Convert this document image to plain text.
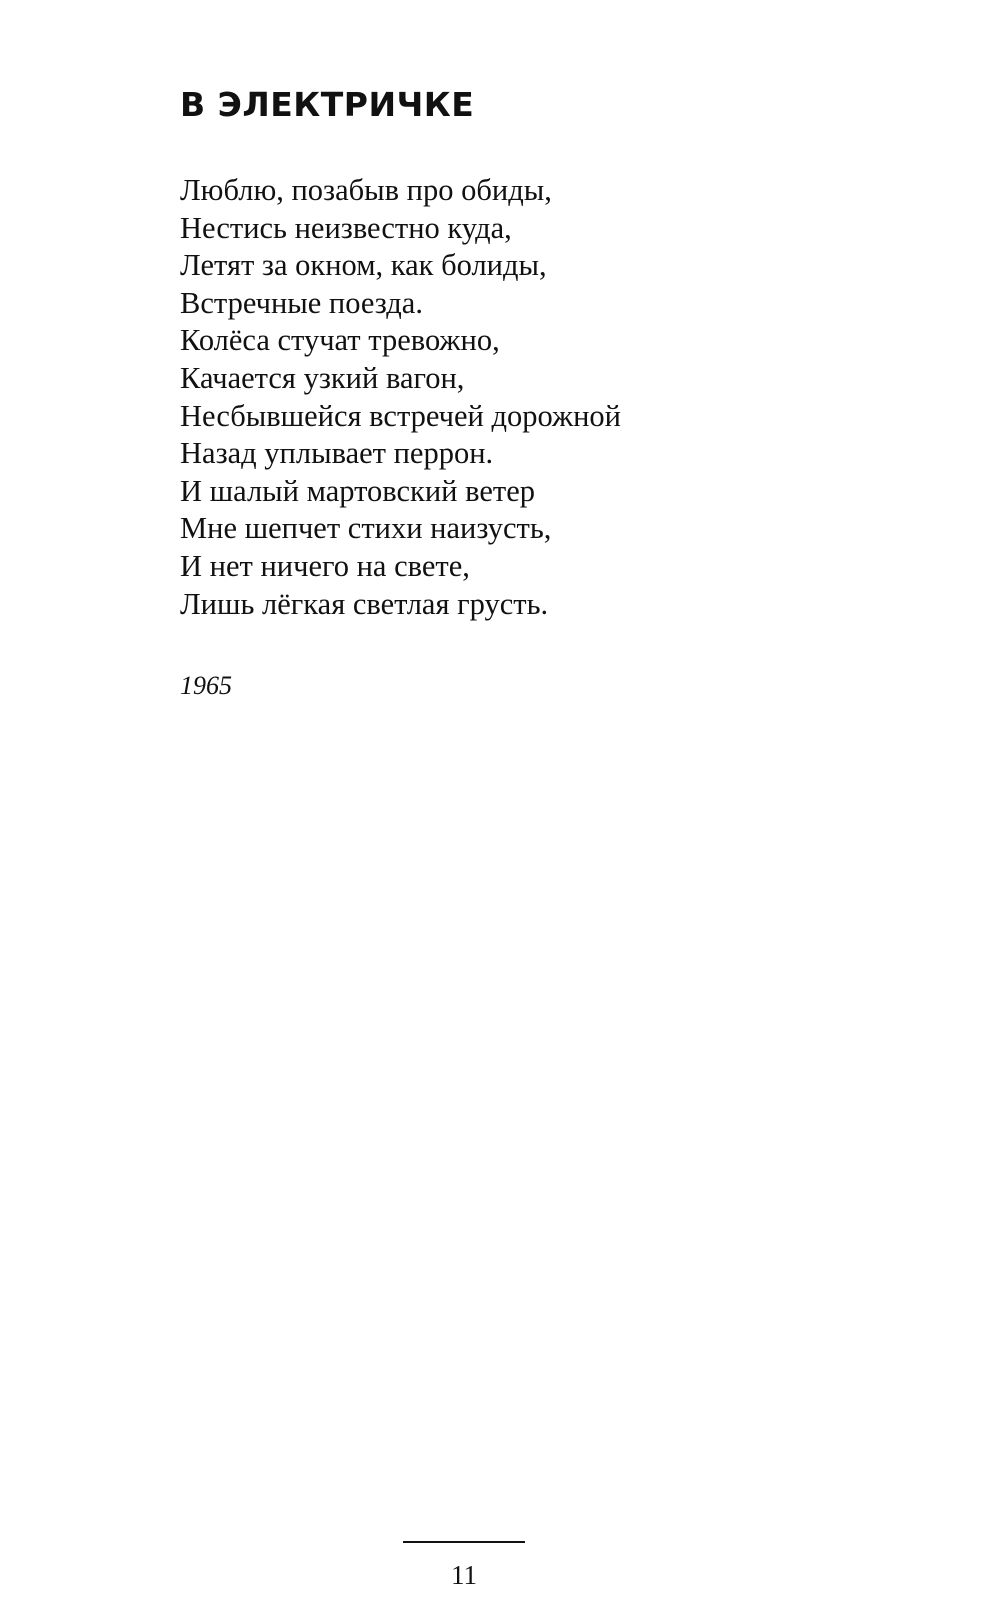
В ЭЛЕКТРИЧКЕ
Люблю, позабыв про обиды,
Нестись неизвестно куда,
Летят за окном, как болиды,
Встречные поезда.
Колёса стучат тревожно,
Качается узкий вагон,
Несбывшейся встречей дорожной
Назад уплывает перрон.
И шалый мартовский ветер
Мне шепчет стихи наизусть,
И нет ничего на свете,
Лишь лёгкая светлая грусть.

1965

11
